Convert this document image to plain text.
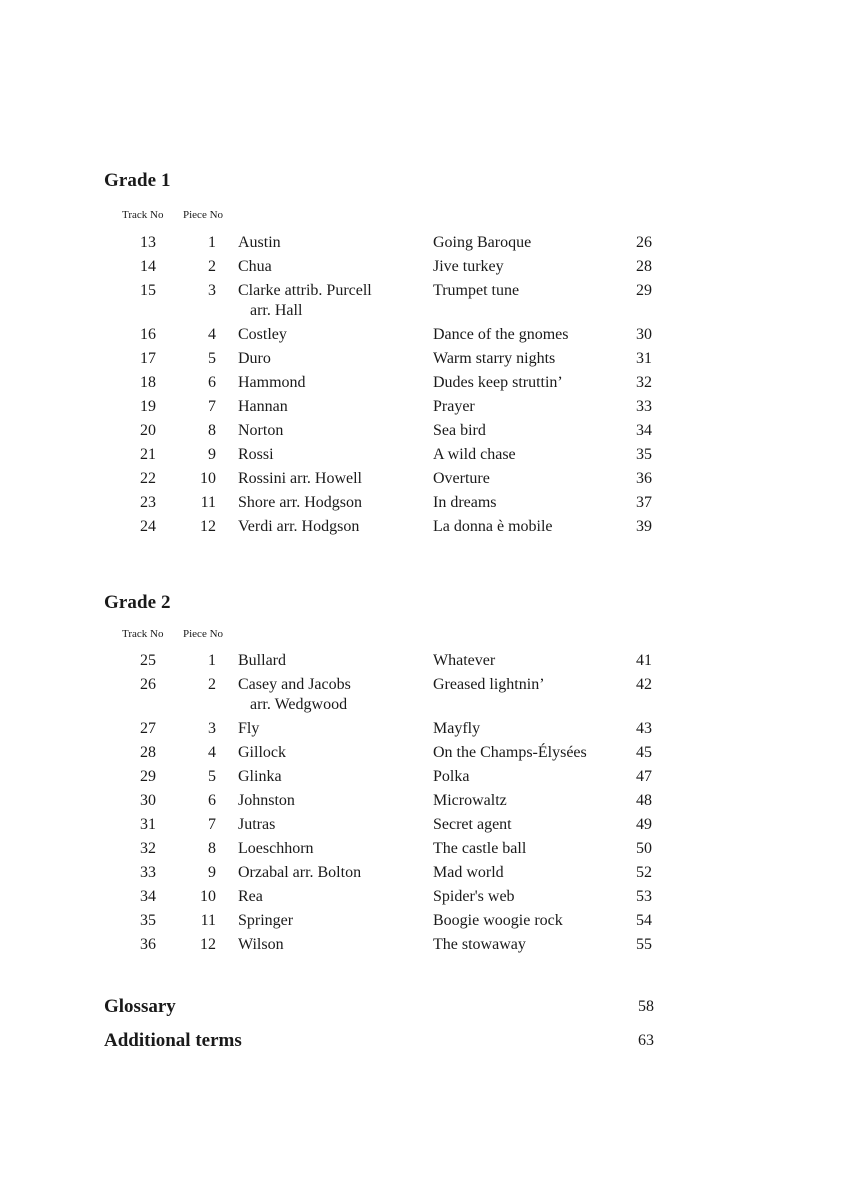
Grade 1
Track No Piece No
13	1 Austin	Going Baroque	26
14	2 Chua	Jive turkey	28
15	3 Clarke attrib. Purcell	Trumpet tune	29
arr. Hall
16	4 Costley	Dance of the gnomes	30
17	5 Duro	Warm starry nights	31
18	6 Hammond	Dudes keep struttin’	32
19	7 Hannan	Prayer	33
20	8 Norton	Sea bird	34
21	9 Rossi	A wild chase	35
22	10 Rossini arr. Howell	Overture	36
23	11 Shore arr. Hodgson	In dreams	37
24	12 Verdi arr. Hodgson	La donna è mobile	39
Grade 2
Track No Piece No
25	1 Bullard	Whatever	41
26	2 Casey and Jacobs	Greased lightnin’	42
arr. Wedgwood
27	3 Fly	Mayfly	43
28	4 Gillock	On the Champs-Élysées	45
29	5 Glinka	Polka	47
30	6 Johnston	Microwaltz	48
31	7 Jutras	Secret agent	49
32	8 Loeschhorn	The castle ball	50
33	9 Orzabal arr. Bolton	Mad world	52
34	10 Rea	Spider's web	53
35	11 Springer	Boogie woogie rock	54
36	12 Wilson	The stowaway	55
Glossary	58
Additional terms	63
